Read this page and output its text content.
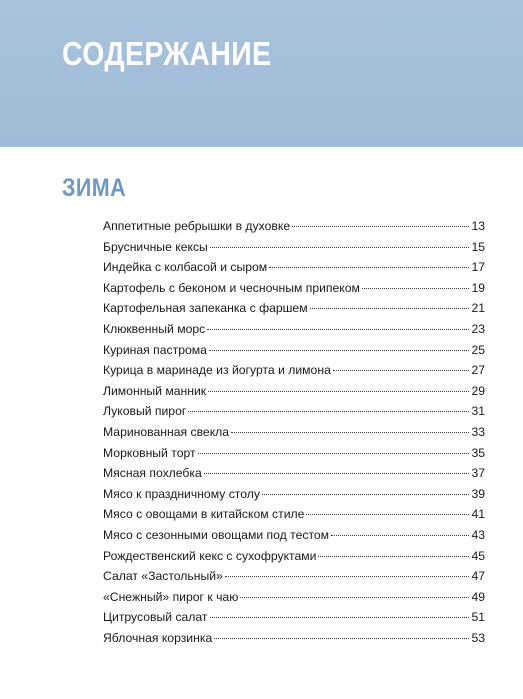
СОДЕРЖАНИЕ
ЗИМА
Аппетитные ребрышки в духовке	13
Брусничные кексы	15
Индейка с колбасой и сыром	17
Картофель с беконом и чесночным припеком	19
Картофельная запеканка с фаршем	21
Клюквенный морс	23
Куриная пастрома	25
Курица в маринаде из йогурта и лимона	27
Лимонный манник	29
Луковый пирог	31
Маринованная свекла	33
Морковный торт	35
Мясная похлебка	37
Мясо к праздничному столу	39
Мясо с овощами в китайском стиле	41
Мясо с сезонными овощами под тестом	43
Рождественский кекс с сухофруктами	45
Салат «Застольный»	47
«Снежный» пирог к чаю	49
Цитрусовый салат	51
Яблочная корзинка	53
